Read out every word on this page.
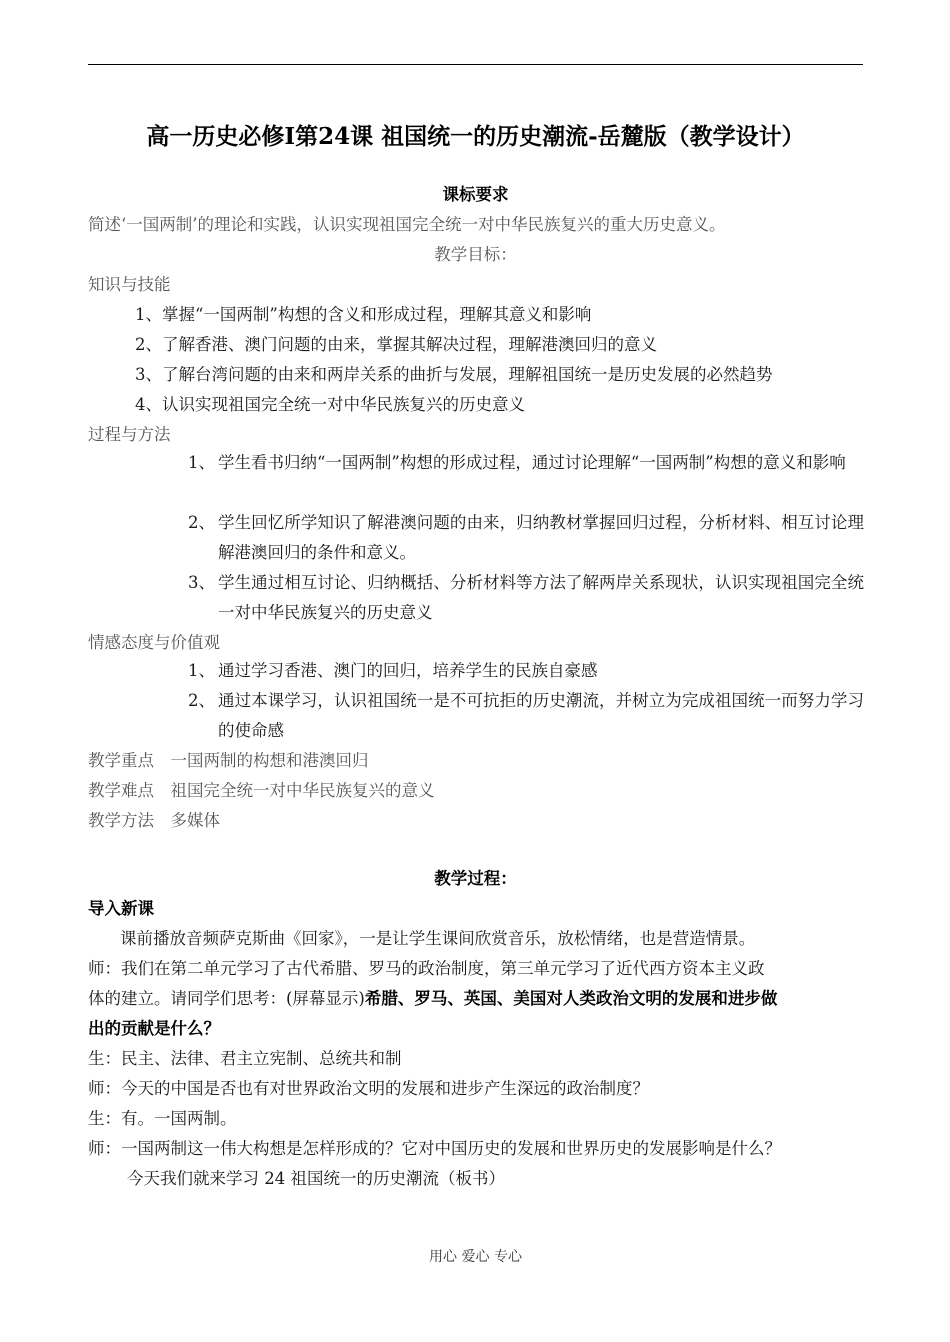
高一历史必修Ⅰ第24课 祖国统一的历史潮流-岳麓版（教学设计）
课标要求
简述‘一国两制’的理论和实践，认识实现祖国完全统一对中华民族复兴的重大历史意义。
教学目标：
知识与技能
1、掌握“一国两制”构想的含义和形成过程，理解其意义和影响
2、了解香港、澳门问题的由来，掌握其解决过程，理解港澳回归的意义
3、了解台湾问题的由来和两岸关系的曲折与发展，理解祖国统一是历史发展的必然趋势
4、认识实现祖国完全统一对中华民族复兴的历史意义
过程与方法
1、 学生看书归纳“一国两制”构想的形成过程，通过讨论理解“一国两制”构想的意义和影响
2、 学生回忆所学知识了解港澳问题的由来，归纳教材掌握回归过程，分析材料、相互讨论理解港澳回归的条件和意义。
3、 学生通过相互讨论、归纳概括、分析材料等方法了解两岸关系现状，认识实现祖国完全统一对中华民族复兴的历史意义
情感态度与价值观
1、 通过学习香港、澳门的回归，培养学生的民族自豪感
2、 通过本课学习，认识祖国统一是不可抗拒的历史潮流，并树立为完成祖国统一而努力学习的使命感
教学重点　一国两制的构想和港澳回归
教学难点　祖国完全统一对中华民族复兴的意义
教学方法　多媒体
教学过程：
导入新课
课前播放音频萨克斯曲《回家》，一是让学生课间欣赏音乐，放松情绪，也是营造情景。
师：我们在第二单元学习了古代希腊、罗马的政治制度，第三单元学习了近代西方资本主义政
体的建立。请同学们思考：(屏幕显示)希腊、罗马、英国、美国对人类政治文明的发展和进步做
出的贡献是什么？
生：民主、法律、君主立宪制、总统共和制
师：今天的中国是否也有对世界政治文明的发展和进步产生深远的政治制度？
生：有。一国两制。
师：一国两制这一伟大构想是怎样形成的？它对中国历史的发展和世界历史的发展影响是什么？
今天我们就来学习 24 祖国统一的历史潮流（板书）
用心 爱心 专心
